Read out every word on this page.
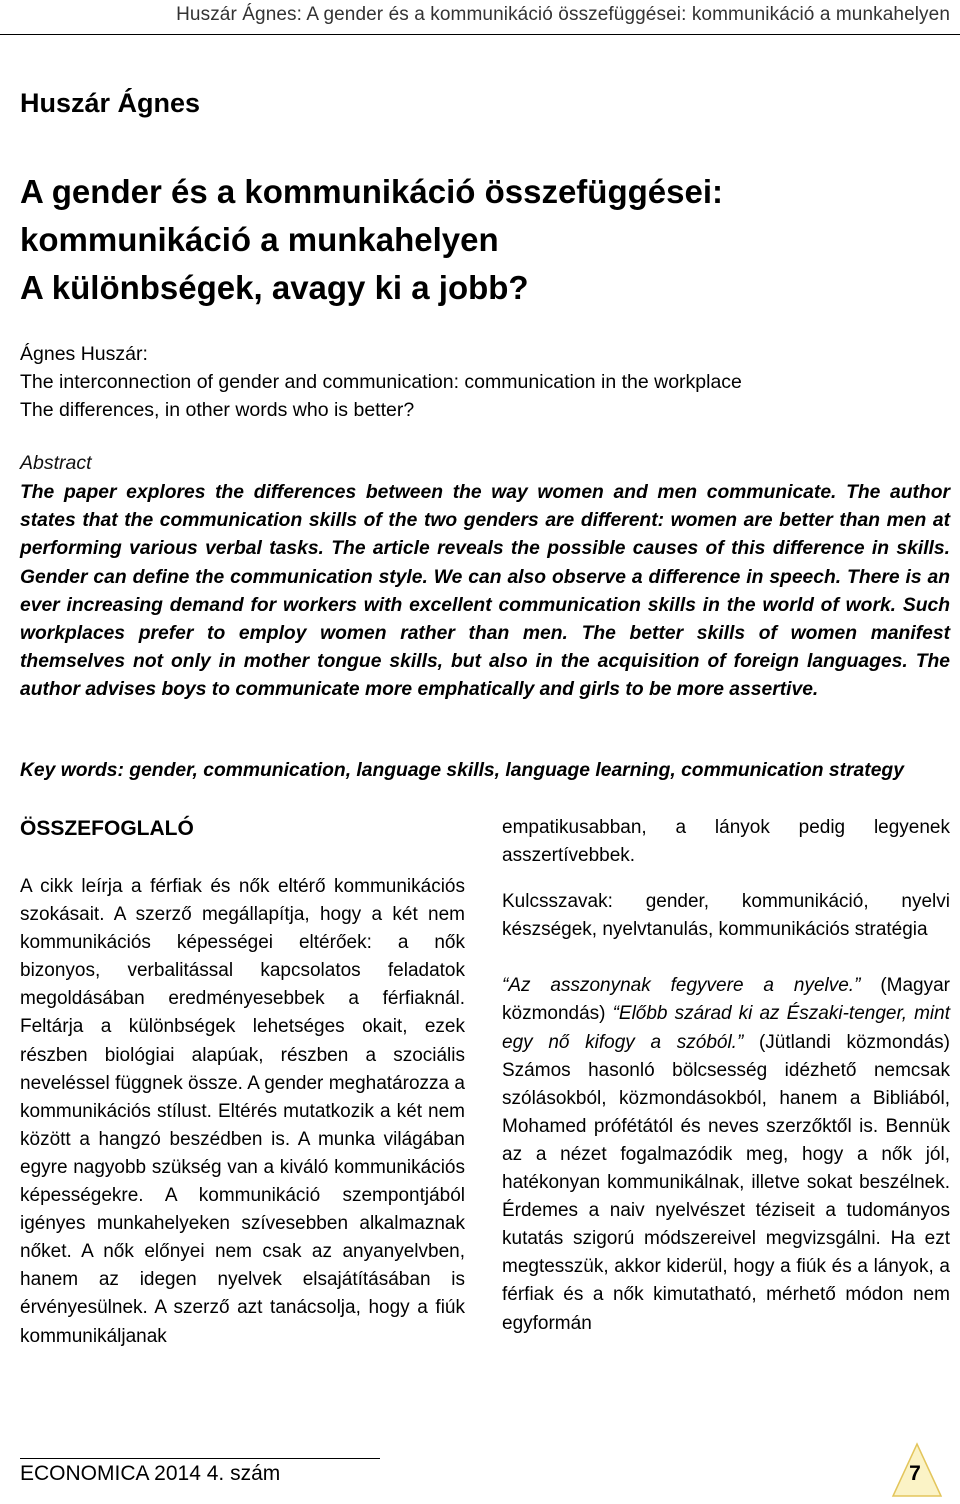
Huszár Ágnes: A gender és a kommunikáció összefüggései: kommunikáció a munkahelyen
Huszár Ágnes
A gender és a kommunikáció összefüggései:
kommunikáció a munkahelyen
A különbségek, avagy ki a jobb?
Ágnes Huszár:
The interconnection of gender and communication: communication in the workplace
The differences, in other words who is better?
Abstract
The paper explores the differences between the way women and men communicate. The author states that the communication skills of the two genders are different: women are better than men at performing various verbal tasks. The article reveals the possible causes of this difference in skills. Gender can define the communication style. We can also observe a difference in speech. There is an ever increasing demand for workers with excellent communication skills in the world of work. Such workplaces prefer to employ women rather than men. The better skills of women manifest themselves not only in mother tongue skills, but also in the acquisition of foreign languages. The author advises boys to communicate more emphatically and girls to be more assertive.
Key words: gender, communication, language skills, language learning, communication strategy
ÖSSZEFOGLALÓ

A cikk leírja a férfiak és nők eltérő kommunikációs szokásait. A szerző megállapítja, hogy a két nem kommunikációs képességei eltérőek: a nők bizonyos, verbalitással kapcsolatos feladatok megoldásában eredményesebbek a férfiaknál. Feltárja a különbségek lehetséges okait, ezek részben biológiai alapúak, részben a szociális neveléssel függnek össze. A gender meghatározza a kommunikációs stílust. Eltérés mutatkozik a két nem között a hangzó beszédben is. A munka világában egyre nagyobb szükség van a kiváló kommunikációs képességekre. A kommunikáció szempontjából igényes munkahelyeken szívesebben alkalmaznak nőket. A nők előnyei nem csak az anyanyelvben, hanem az idegen nyelvek elsajátításában is érvényesülnek. A szerző azt tanácsolja, hogy a fiúk kommunikáljanak

empatikusabban, a lányok pedig legyenek asszertívebbek.

Kulcsszavak: gender, kommunikáció, nyelvi készségek, nyelvtanulás, kommunikációs stratégia

“Az asszonynak fegyvere a nyelve.” (Magyar közmondás) “Előbb szárad ki az Északi-tenger, mint egy nő kifogy a szóból.” (Jütlandi közmondás) Számos hasonló bölcsesség idézhető nemcsak szólásokból, közmondásokból, hanem a Bibliából, Mohamed prófétától és neves szerzőktől is. Bennük az a nézet fogalmazódik meg, hogy a nők jól, hatékonyan kommunikálnak, illetve sokat beszélnek. Érdemes a naiv nyelvészet téziseit a tudományos kutatás szigorú módszereivel megvizsgálni. Ha ezt megtesszük, akkor kiderül, hogy a fiúk és a lányok, a férfiak és a nők kimutatható, mérhető módon nem egyformán

ECONOMICA 2014 4. szám	7
